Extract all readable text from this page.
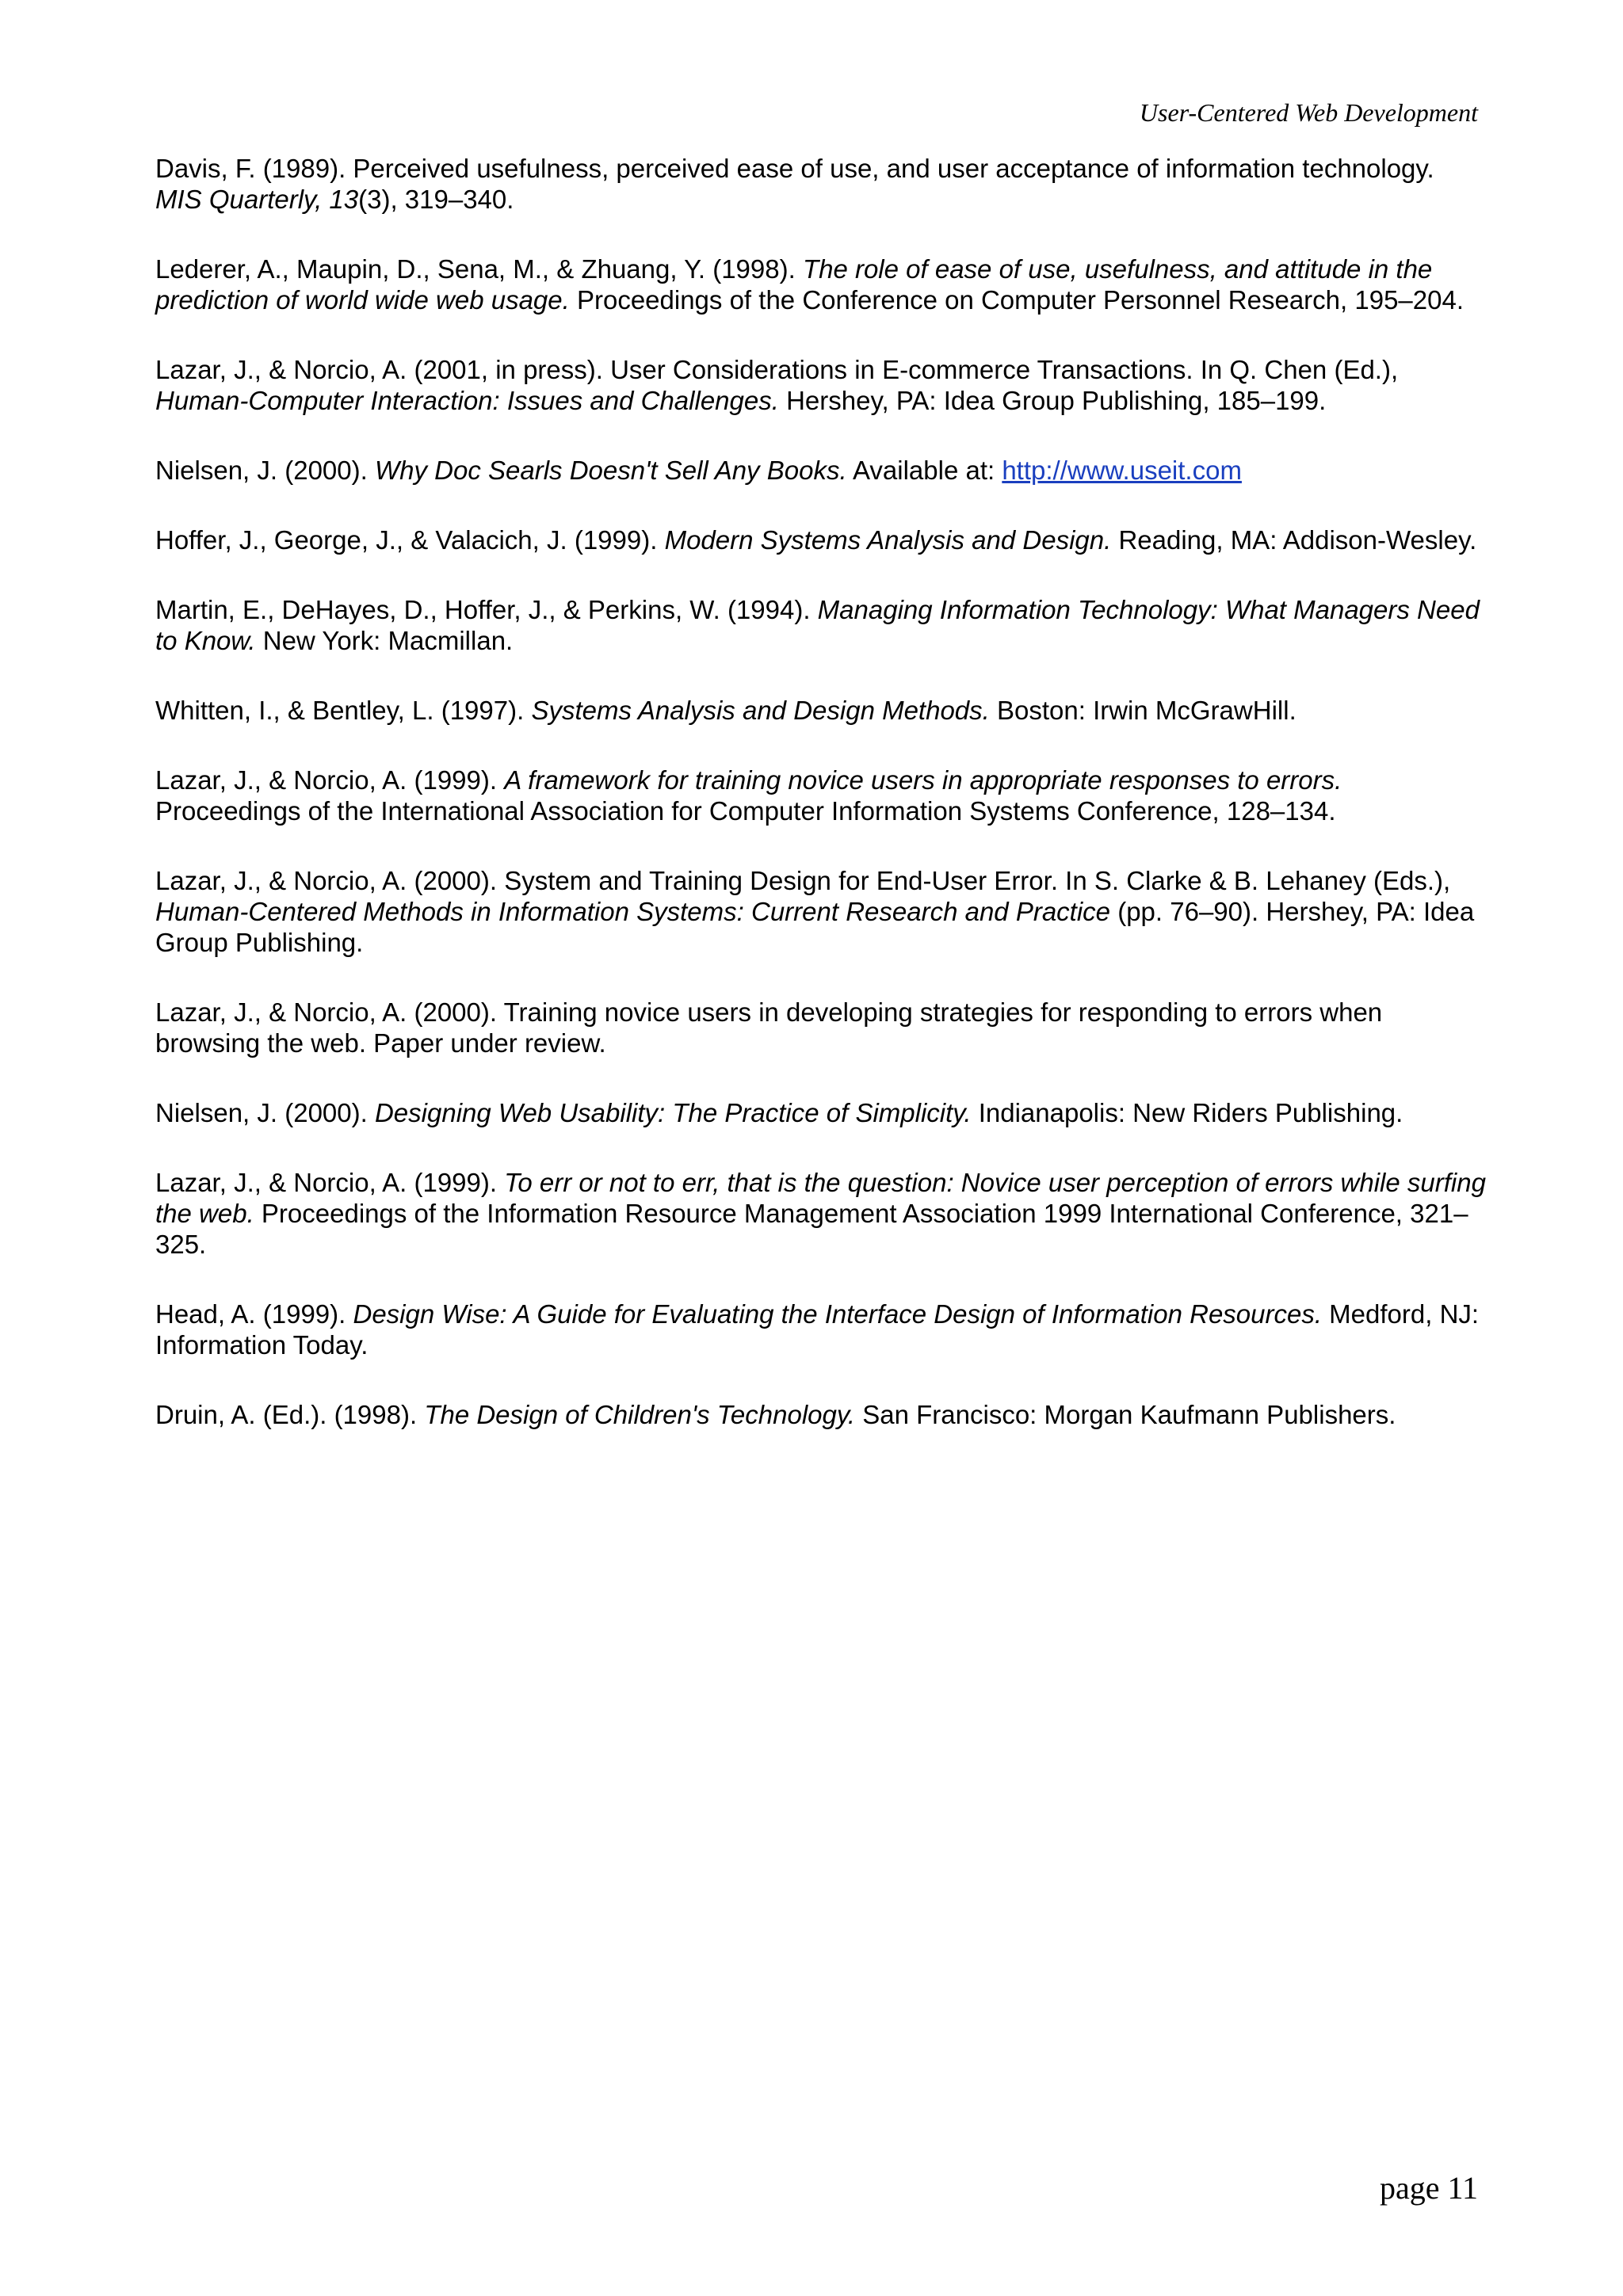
User-Centered Web Development

Davis, F. (1989). Perceived usefulness, perceived ease of use, and user acceptance of information technology. MIS Quarterly, 13(3), 319–340.

Lederer, A., Maupin, D., Sena, M., & Zhuang, Y. (1998). The role of ease of use, usefulness, and attitude in the prediction of world wide web usage. Proceedings of the Conference on Computer Personnel Research, 195–204.

Lazar, J., & Norcio, A. (2001, in press). User Considerations in E-commerce Transactions. In Q. Chen (Ed.), Human-Computer Interaction: Issues and Challenges. Hershey, PA: Idea Group Publishing, 185–199.

Nielsen, J. (2000). Why Doc Searls Doesn't Sell Any Books. Available at: http://www.useit.com

Hoffer, J., George, J., & Valacich, J. (1999). Modern Systems Analysis and Design. Reading, MA: Addison-Wesley.

Martin, E., DeHayes, D., Hoffer, J., & Perkins, W. (1994). Managing Information Technology: What Managers Need to Know. New York: Macmillan.

Whitten, I., & Bentley, L. (1997). Systems Analysis and Design Methods. Boston: Irwin McGrawHill.

Lazar, J., & Norcio, A. (1999). A framework for training novice users in appropriate responses to errors. Proceedings of the International Association for Computer Information Systems Conference, 128–134.

Lazar, J., & Norcio, A. (2000). System and Training Design for End-User Error. In S. Clarke & B. Lehaney (Eds.), Human-Centered Methods in Information Systems: Current Research and Practice (pp. 76–90). Hershey, PA: Idea Group Publishing.

Lazar, J., & Norcio, A. (2000). Training novice users in developing strategies for responding to errors when browsing the web. Paper under review.

Nielsen, J. (2000). Designing Web Usability: The Practice of Simplicity. Indianapolis: New Riders Publishing.

Lazar, J., & Norcio, A. (1999). To err or not to err, that is the question: Novice user perception of errors while surfing the web. Proceedings of the Information Resource Management Association 1999 International Conference, 321–325.

Head, A. (1999). Design Wise: A Guide for Evaluating the Interface Design of Information Resources. Medford, NJ: Information Today.

Druin, A. (Ed.). (1998). The Design of Children's Technology. San Francisco: Morgan Kaufmann Publishers.

page 11
